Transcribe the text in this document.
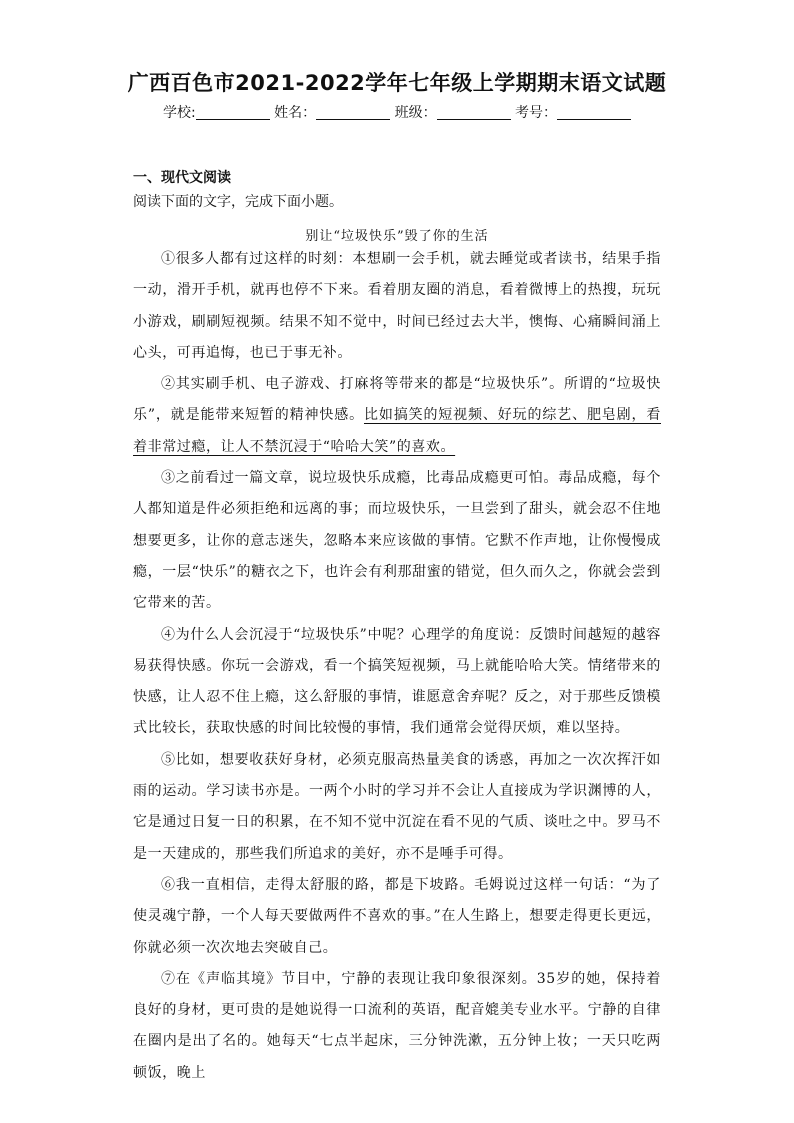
广西百色市2021-2022学年七年级上学期期末语文试题
学校:	姓名：	班级：	考号：
一、现代文阅读
阅读下面的文字，完成下面小题。
别让“垃圾快乐”毁了你的生活

①很多人都有过这样的时刻：本想刷一会手机，就去睡觉或者读书，结果手指一动，滑开手机，就再也停不下来。看着朋友圈的消息，看着微博上的热搜，玩玩小游戏，刷刷短视频。结果不知不觉中，时间已经过去大半，懊悔、心痛瞬间涌上心头，可再追悔，也已于事无补。

②其实刷手机、电子游戏、打麻将等带来的都是“垃圾快乐”。所谓的“垃圾快乐”，就是能带来短暂的精神快感。比如搞笑的短视频、好玩的综艺、肥皂剧，看着非常过瘾，让人不禁沉浸于“哈哈大笑”的喜欢。

③之前看过一篇文章，说垃圾快乐成瘾，比毒品成瘾更可怕。毒品成瘾，每个人都知道是件必须拒绝和远离的事；而垃圾快乐，一旦尝到了甜头，就会忍不住地想要更多，让你的意志迷失，忽略本来应该做的事情。它默不作声地，让你慢慢成瘾，一层“快乐”的糖衣之下，也许会有利那甜蜜的错觉，但久而久之，你就会尝到它带来的苦。

④为什么人会沉浸于“垃圾快乐”中呢？心理学的角度说：反馈时间越短的越容易获得快感。你玩一会游戏，看一个搞笑短视频，马上就能哈哈大笑。情绪带来的快感，让人忍不住上瘾，这么舒服的事情，谁愿意舍弃呢？反之，对于那些反馈模式比较长，获取快感的时间比较慢的事情，我们通常会觉得厌烦，难以坚持。

⑤比如，想要收获好身材，必须克服高热量美食的诱惑，再加之一次次挥汗如雨的运动。学习读书亦是。一两个小时的学习并不会让人直接成为学识渊博的人，它是通过日复一日的积累，在不知不觉中沉淀在看不见的气质、谈吐之中。罗马不是一天建成的，那些我们所追求的美好，亦不是唾手可得。

⑥我一直相信，走得太舒服的路，都是下坡路。毛姆说过这样一句话：“为了使灵魂宁静，一个人每天要做两件不喜欢的事。”在人生路上，想要走得更长更远，你就必须一次次地去突破自己。

⑦在《声临其境》节目中，宁静的表现让我印象很深刻。35岁的她，保持着良好的身材，更可贵的是她说得一口流利的英语，配音媲美专业水平。宁静的自律在圈内是出了名的。她每天“七点半起床，三分钟洗漱，五分钟上妆；一天只吃两顿饭，晚上
